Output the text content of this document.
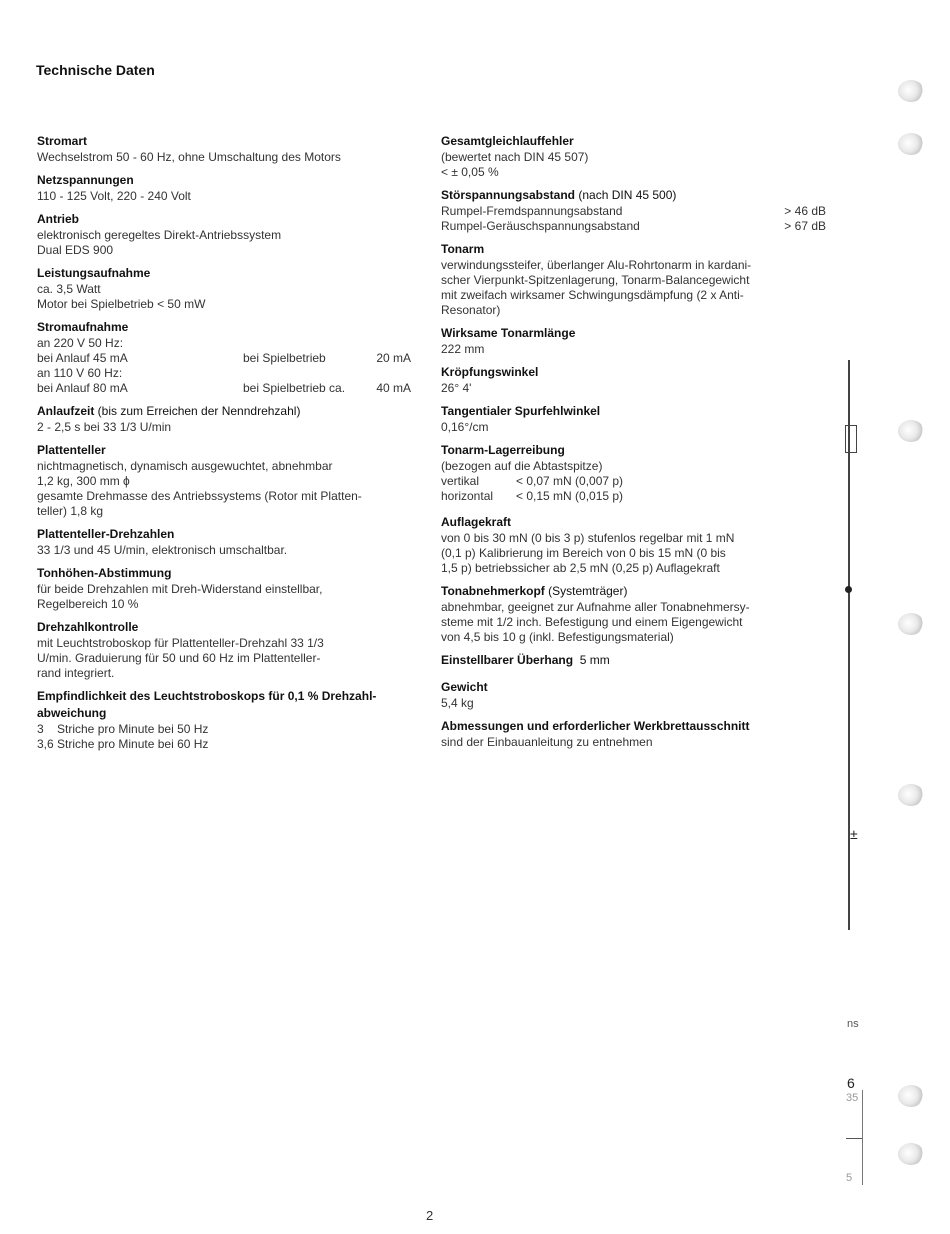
Technische Daten
Stromart
Wechselstrom 50 - 60 Hz, ohne Umschaltung des Motors
Netzspannungen
110 - 125 Volt, 220 - 240 Volt
Antrieb
elektronisch geregeltes Direkt-Antriebssystem
Dual EDS 900
Leistungsaufnahme
ca. 3,5 Watt
Motor bei Spielbetrieb < 50 mW
Stromaufnahme
an 220 V 50 Hz:
bei Anlauf 45 mA	bei Spielbetrieb	20 mA
an 110 V 60 Hz:
bei Anlauf 80 mA	bei Spielbetrieb ca.	40 mA
Anlaufzeit (bis zum Erreichen der Nenndrehzahl)
2 - 2,5 s bei 33 1/3 U/min
Plattenteller
nichtmagnetisch, dynamisch ausgewuchtet, abnehmbar
1,2 kg, 300 mm ϕ
gesamte Drehmasse des Antriebssystems (Rotor mit Platten-
teller) 1,8 kg
Plattenteller-Drehzahlen
33 1/3 und 45 U/min, elektronisch umschaltbar.
Tonhöhen-Abstimmung
für beide Drehzahlen mit Dreh-Widerstand einstellbar,
Regelbereich 10 %
Drehzahlkontrolle
mit Leuchtstroboskop für Plattenteller-Drehzahl 33 1/3
U/min. Graduierung für 50 und 60 Hz im Plattenteller-
rand integriert.
Empfindlichkeit des Leuchtstroboskops für 0,1 % Drehzahl-
abweichung
3    Striche pro Minute bei 50 Hz
3,6 Striche pro Minute bei 60 Hz
Gesamtgleichlauffehler
(bewertet nach DIN 45 507)
< ± 0,05 %
Störspannungsabstand (nach DIN 45 500)
Rumpel-Fremdspannungsabstand	> 46 dB
Rumpel-Geräuschspannungsabstand	> 67 dB
Tonarm
verwindungssteifer, überlanger Alu-Rohrtonarm in kardani-
scher Vierpunkt-Spitzenlagerung, Tonarm-Balancegewicht
mit zweifach wirksamer Schwingungsdämpfung (2 x Anti-
Resonator)
Wirksame Tonarmlänge
222 mm
Kröpfungswinkel
26° 4'
Tangentialer Spurfehlwinkel
0,16°/cm
Tonarm-Lagerreibung
(bezogen auf die Abtastspitze)
vertikal	< 0,07 mN (0,007 p)
horizontal	< 0,15 mN (0,015 p)
Auflagekraft
von 0 bis 30 mN (0 bis 3 p) stufenlos regelbar mit 1 mN
(0,1 p) Kalibrierung im Bereich von 0 bis 15 mN (0 bis
1,5 p) betriebssicher ab 2,5 mN (0,25 p) Auflagekraft
Tonabnehmerkopf (Systemträger)
abnehmbar, geeignet zur Aufnahme aller Tonabnehmersy-
steme mit 1/2 inch. Befestigung und einem Eigengewicht
von 4,5 bis 10 g (inkl. Befestigungsmaterial)
Einstellbarer Überhang  5 mm
Gewicht
5,4 kg
Abmessungen und erforderlicher Werkbrettausschnitt
sind der Einbauanleitung zu entnehmen
2
±
ns
6
35
5
